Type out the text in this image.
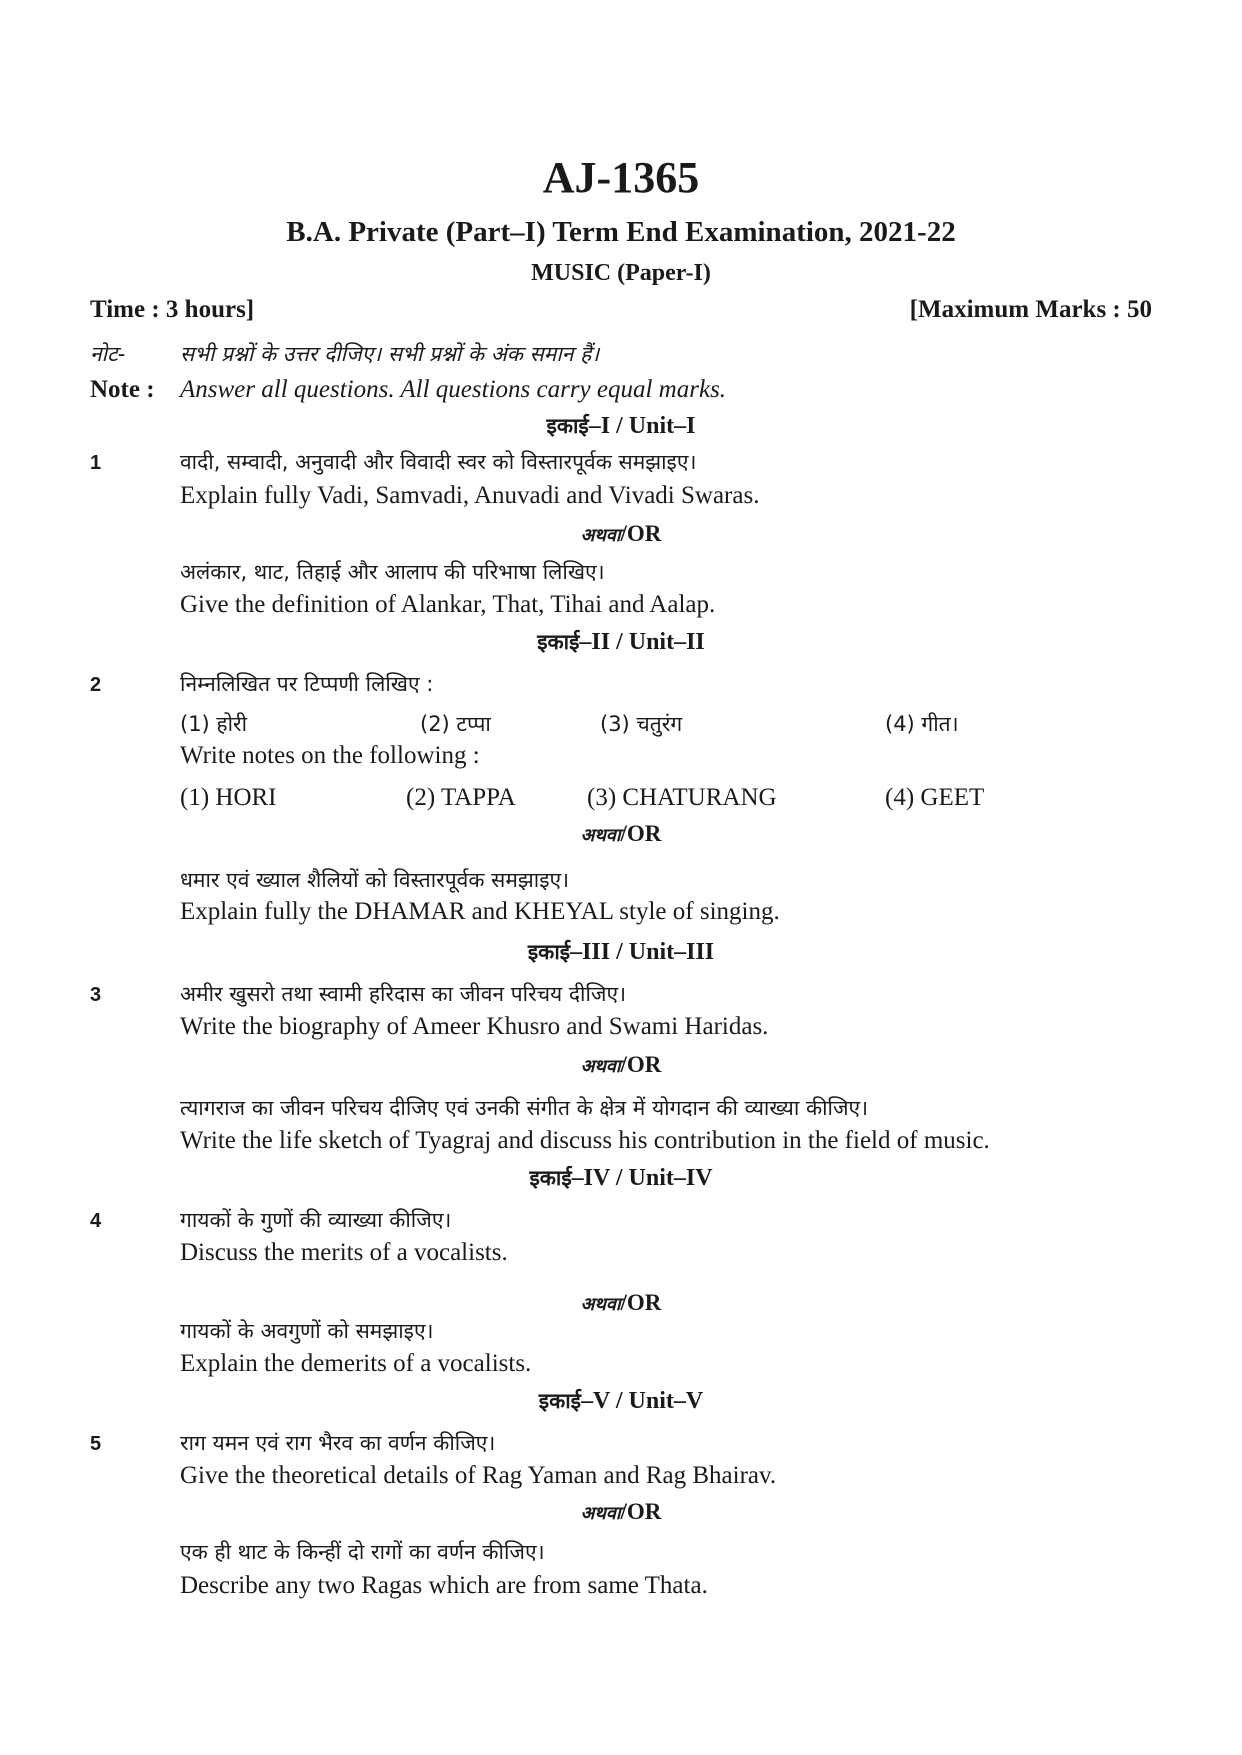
AJ-1365
B.A. Private (Part–I) Term End Examination, 2021-22
MUSIC (Paper-I)
Time : 3 hours]	[Maximum Marks : 50
नोट-	सभी प्रश्नों के उत्तर दीजिए। सभी प्रश्नों के अंक समान हैं।
Note : Answer all questions. All questions carry equal marks.
इकाई–I / Unit–I
1	वादी, सम्वादी, अनुवादी और विवादी स्वर को विस्तारपूर्वक समझाइए।
Explain fully Vadi, Samvadi, Anuvadi and Vivadi Swaras.
अथवा/OR
अलंकार, थाट, तिहाई और आलाप की परिभाषा लिखिए।
Give the definition of Alankar, That, Tihai and Aalap.
इकाई–II / Unit–II
2	निम्नलिखित पर टिप्पणी लिखिए :
(1) होरी	(2) टप्पा	(3) चतुरंग	(4) गीत।
Write notes on the following :
(1) HORI	(2) TAPPA	(3) CHATURANG	(4) GEET
अथवा/OR
धमार एवं ख्याल शैलियों को विस्तारपूर्वक समझाइए।
Explain fully the DHAMAR and KHEYAL style of singing.
इकाई–III / Unit–III
3	अमीर खुसरो तथा स्वामी हरिदास का जीवन परिचय दीजिए।
Write the biography of Ameer Khusro and Swami Haridas.
अथवा/OR
त्यागराज का जीवन परिचय दीजिए एवं उनकी संगीत के क्षेत्र में योगदान की व्याख्या कीजिए।
Write the life sketch of Tyagraj and discuss his contribution in the field of music.
इकाई–IV / Unit–IV
4	गायकों के गुणों की व्याख्या कीजिए।
Discuss the merits of a vocalists.
अथवा/OR
गायकों के अवगुणों को समझाइए।
Explain the demerits of a vocalists.
इकाई–V / Unit–V
5	राग यमन एवं राग भैरव का वर्णन कीजिए।
Give the theoretical details of Rag Yaman and Rag Bhairav.
अथवा/OR
एक ही थाट के किन्हीं दो रागों का वर्णन कीजिए।
Describe any two Ragas which are from same Thata.
